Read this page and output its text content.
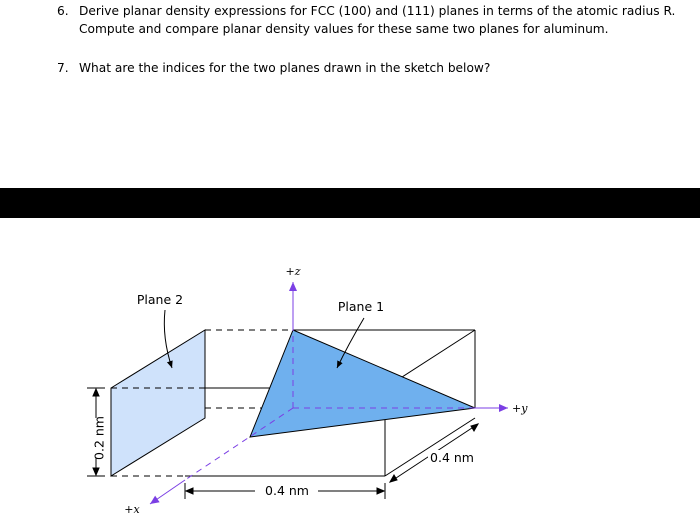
6. Derive planar density expressions for FCC (100) and (111) planes in terms of the atomic radius R.
Compute and compare planar density values for these same two planes for aluminum.
7. What are the indices for the two planes drawn in the sketch below?
0.2 nm
0.4 nm
0.4 nm
Plane 2	Plane 1
+z
+y
+x
